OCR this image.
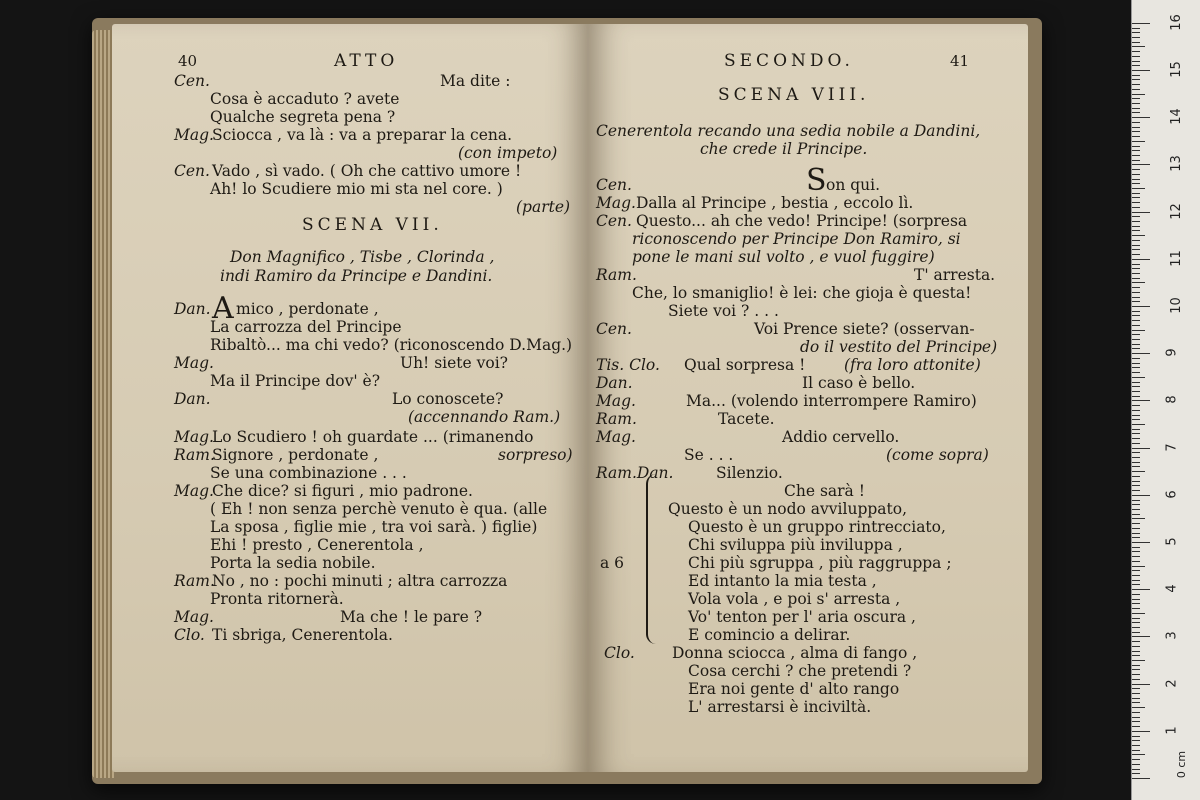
40	ATTO
Cen.	Ma dite :
Cosa è accaduto ? avete
Qualche segreta pena ?
Mag.
Sciocca , va là : va a preparar la cena.
(con impeto)
Cen. Vado , sì vado. ( Oh che cattivo umore !
Ah! lo Scudiere mio mi sta nel core. )
(parte)
SCENA VII.
Don Magnifico , Tisbe , Clorinda ,
indi Ramiro da Principe e Dandini.
Dan. A mico , perdonate ,
La carrozza del Principe
Ribaltò... ma chi vedo? (riconoscendo D.Mag.)
Mag.	Uh! siete voi?
Ma il Principe dov' è?
Dan.	Lo conoscete?
(accennando Ram.)
Mag.
Lo Scudiero ! oh guardate ... (rimanendo
Ram.
Signore , perdonate ,	sorpreso)
Se una combinazione . . .
Mag.
Che dice? si figuri , mio padrone.
( Eh ! non senza perchè venuto è qua. (alle
La sposa , figlie mie , tra voi sarà. ) figlie)
Ehi ! presto , Cenerentola ,
Porta la sedia nobile.
Ram.
No , no : pochi minuti ; altra carrozza
Pronta ritornerà.
Mag.	Ma che ! le pare ?
Clo. Ti sbriga, Cenerentola.
SECONDO.	41
SCENA VIII.
Cenerentola recando una sedia nobile a Dandini,
che crede il Principe.
Cen.	S on qui.
Mag. Dalla al Principe , bestia , eccolo lì.
Cen. Questo... ah che vedo! Principe! (sorpresa
riconoscendo per Principe Don Ramiro, si
pone le mani sul volto , e vuol fuggire)
Ram.	T' arresta.
Che, lo smaniglio! è lei: che gioja è questa!
Siete voi ? . . .
Cen.	Voi Prence siete? (osservan-
do il vestito del Principe)
Tis. Clo. Qual sorpresa ! (fra loro attonite)
Dan.	Il caso è bello.
Mag.	Ma... (volendo interrompere Ramiro)
Ram.	Tacete.
Mag.	Addio cervello.
Se . . .	(come sopra)
Ram.Dan.	Silenzio.
Che sarà !
Questo è un nodo avviluppato,
Questo è un gruppo rintrecciato,
Chi sviluppa più inviluppa ,
a 6	Chi più sgruppa , più raggruppa ;
Ed intanto la mia testa ,
Vola vola , e poi s' arresta ,
Vo' tenton per l' aria oscura ,
E comincio a delirar.
Clo. Donna sciocca , alma di fango ,
Cosa cerchi ? che pretendi ?
Era noi gente d' alto rango
L' arrestarsi è inciviltà.
0 cm
16
15
14
13
12
11
10
9
8
7
6
5
4
3
2
1
